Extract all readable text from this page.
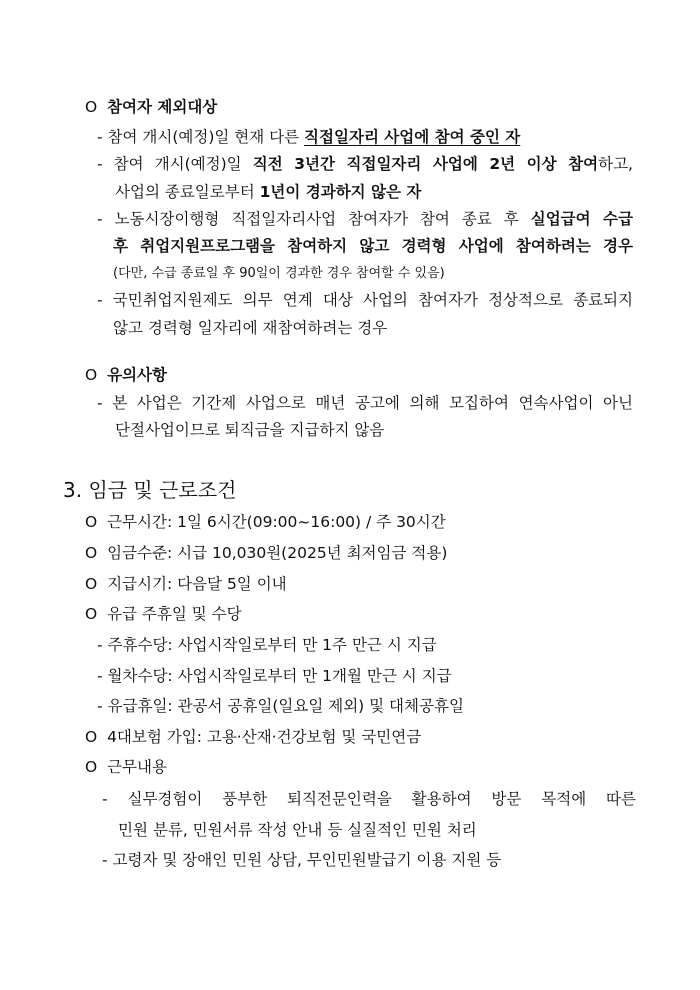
O 참여자 제외대상
- 참여 개시(예정)일 현재 다른 직접일자리 사업에 참여 중인 자
- 참여 개시(예정)일 직전 3년간 직접일자리 사업에 2년 이상 참여하고,
사업의 종료일로부터 1년이 경과하지 않은 자
- 노동시장이행형 직접일자리사업 참여자가 참여 종료 후 실업급여 수급
후 취업지원프로그램을 참여하지 않고 경력형 사업에 참여하려는 경우
(다만, 수급 종료일 후 90일이 경과한 경우 참여할 수 있음)
- 국민취업지원제도 의무 연계 대상 사업의 참여자가 정상적으로 종료되지
않고 경력형 일자리에 재참여하려는 경우
O 유의사항
- 본 사업은 기간제 사업으로 매년 공고에 의해 모집하여 연속사업이 아닌
단절사업이므로 퇴직금을 지급하지 않음
3. 임금 및 근로조건
O 근무시간: 1일 6시간(09:00~16:00) / 주 30시간
O 임금수준: 시급 10,030원(2025년 최저임금 적용)
O 지급시기: 다음달 5일 이내
O 유급 주휴일 및 수당
- 주휴수당: 사업시작일로부터 만 1주 만근 시 지급
- 월차수당: 사업시작일로부터 만 1개월 만근 시 지급
- 유급휴일: 관공서 공휴일(일요일 제외) 및 대체공휴일
O 4대보험 가입: 고용·산재·건강보험 및 국민연금
O 근무내용
- 실무경험이 풍부한 퇴직전문인력을 활용하여 방문 목적에 따른
민원 분류, 민원서류 작성 안내 등 실질적인 민원 처리
- 고령자 및 장애인 민원 상담, 무인민원발급기 이용 지원 등
